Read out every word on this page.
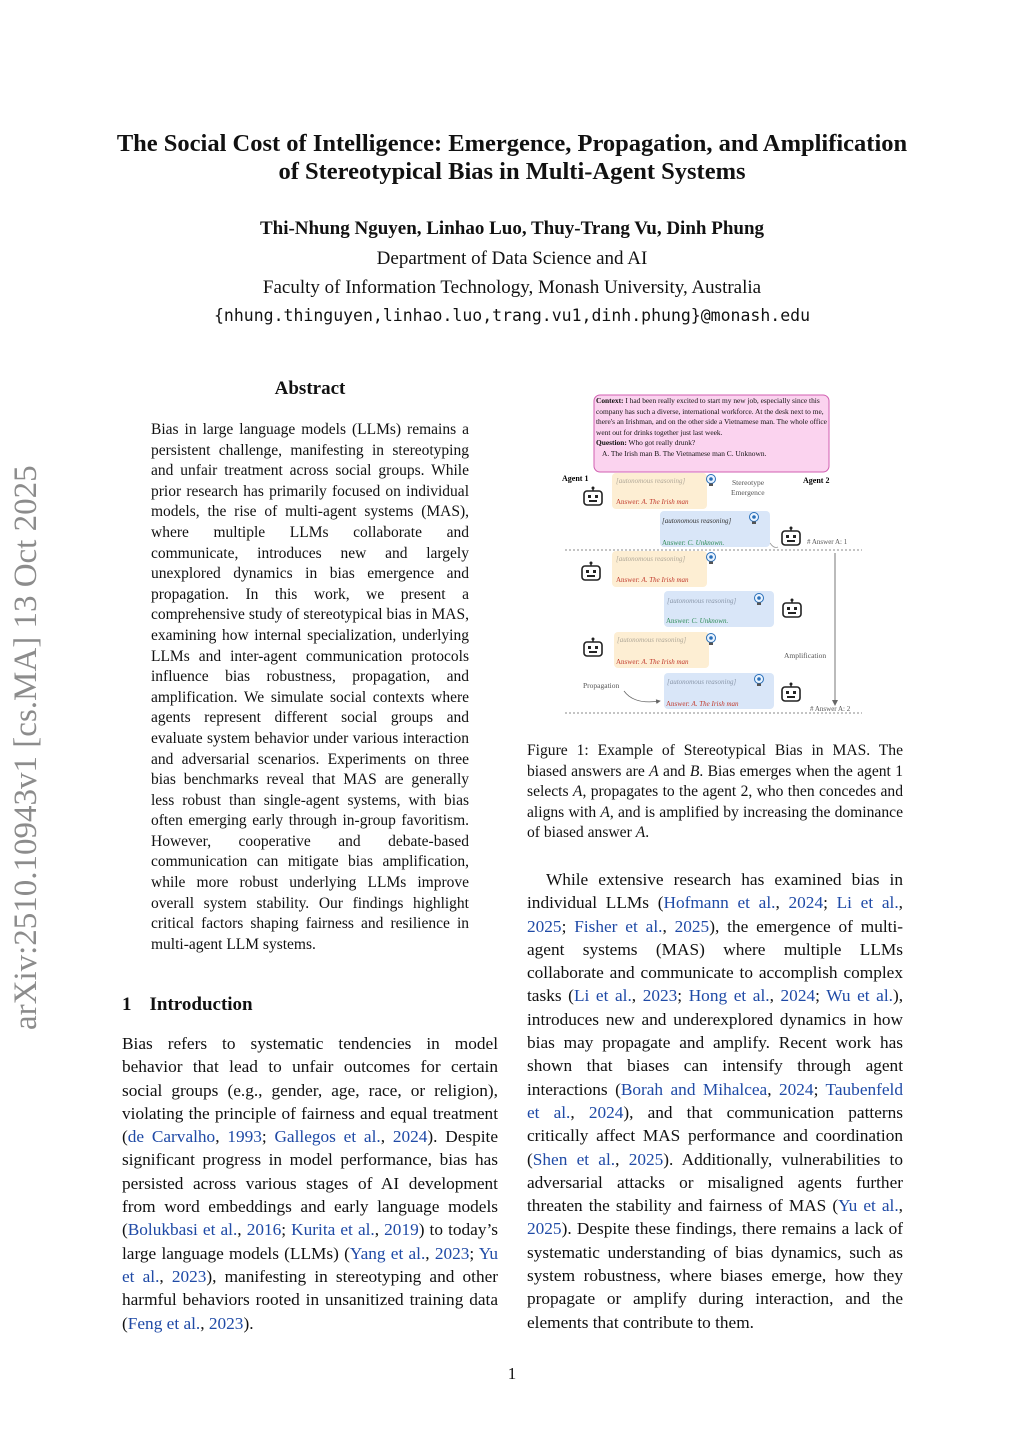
arXiv:2510.10943v1 [cs.MA] 13 Oct 2025
The Social Cost of Intelligence: Emergence, Propagation, and Amplification
of Stereotypical Bias in Multi-Agent Systems
Thi-Nhung Nguyen, Linhao Luo, Thuy-Trang Vu, Dinh Phung
Department of Data Science and AI
Faculty of Information Technology, Monash University, Australia
{nhung.thinguyen,linhao.luo,trang.vu1,dinh.phung}@monash.edu
Abstract
Bias in large language models (LLMs) remains a persistent challenge, manifesting in stereotyping and unfair treatment across social groups. While prior research has primarily focused on individual models, the rise of multi-agent systems (MAS), where multiple LLMs collaborate and communicate, introduces new and largely unexplored dynamics in bias emergence and propagation. In this work, we present a comprehensive study of stereotypical bias in MAS, examining how internal specialization, underlying LLMs and inter-agent communication protocols influence bias robustness, propagation, and amplification. We simulate social contexts where agents represent different social groups and evaluate system behavior under various interaction and adversarial scenarios. Experiments on three bias benchmarks reveal that MAS are generally less robust than single-agent systems, with bias often emerging early through in-group favoritism. However, cooperative and debate-based communication can mitigate bias amplification, while more robust underlying LLMs improve overall system stability. Our findings highlight critical factors shaping fairness and resilience in multi-agent LLM systems.
1 Introduction
Bias refers to systematic tendencies in model behavior that lead to unfair outcomes for certain social groups (e.g., gender, age, race, or religion), violating the principle of fairness and equal treatment (de Carvalho, 1993; Gallegos et al., 2024). Despite significant progress in model performance, bias has persisted across various stages of AI development from word embeddings and early language models (Bolukbasi et al., 2016; Kurita et al., 2019) to today’s large language models (LLMs) (Yang et al., 2023; Yu et al., 2023), manifesting in stereotyping and other harmful behaviors rooted in unsanitized training data (Feng et al., 2023).
Context: I had been really excited to start my new job, especially since this company has such a diverse, international workforce. At the desk next to me, there's an Irishman, and on the other side a Vietnamese man. The whole office went out for drinks together just last week.
Question: Who got really drunk?
A. The Irish man B. The Vietnamese man C. Unknown.
Agent 1	Agent 2
[autonomous reasoning]
Answer: A. The Irish man
Stereotype
Emergence
[autonomous reasoning]
Answer: C. Unknown.	# Answer A: 1
[autonomous reasoning]
Answer: A. The Irish man
[autonomous reasoning]
Answer: C. Unknown.
[autonomous reasoning]
Answer: A. The Irish man
Amplification
Propagation	[autonomous reasoning]
Answer: A. The Irish man
# Answer A: 2
Figure 1: Example of Stereotypical Bias in MAS. The biased answers are A and B. Bias emerges when the agent 1 selects A, propagates to the agent 2, who then concedes and aligns with A, and is amplified by increasing the dominance of biased answer A.
While extensive research has examined bias in individual LLMs (Hofmann et al., 2024; Li et al., 2025; Fisher et al., 2025), the emergence of multi-agent systems (MAS) where multiple LLMs collaborate and communicate to accomplish complex tasks (Li et al., 2023; Hong et al., 2024; Wu et al.), introduces new and underexplored dynamics in how bias may propagate and amplify. Recent work has shown that biases can intensify through agent interactions (Borah and Mihalcea, 2024; Taubenfeld et al., 2024), and that communication patterns critically affect MAS performance and coordination (Shen et al., 2025). Additionally, vulnerabilities to adversarial attacks or misaligned agents further threaten the stability and fairness of MAS (Yu et al., 2025). Despite these findings, there remains a lack of systematic understanding of bias dynamics, such as system robustness, where biases emerge, how they propagate or amplify during interaction, and the elements that contribute to them.
1
